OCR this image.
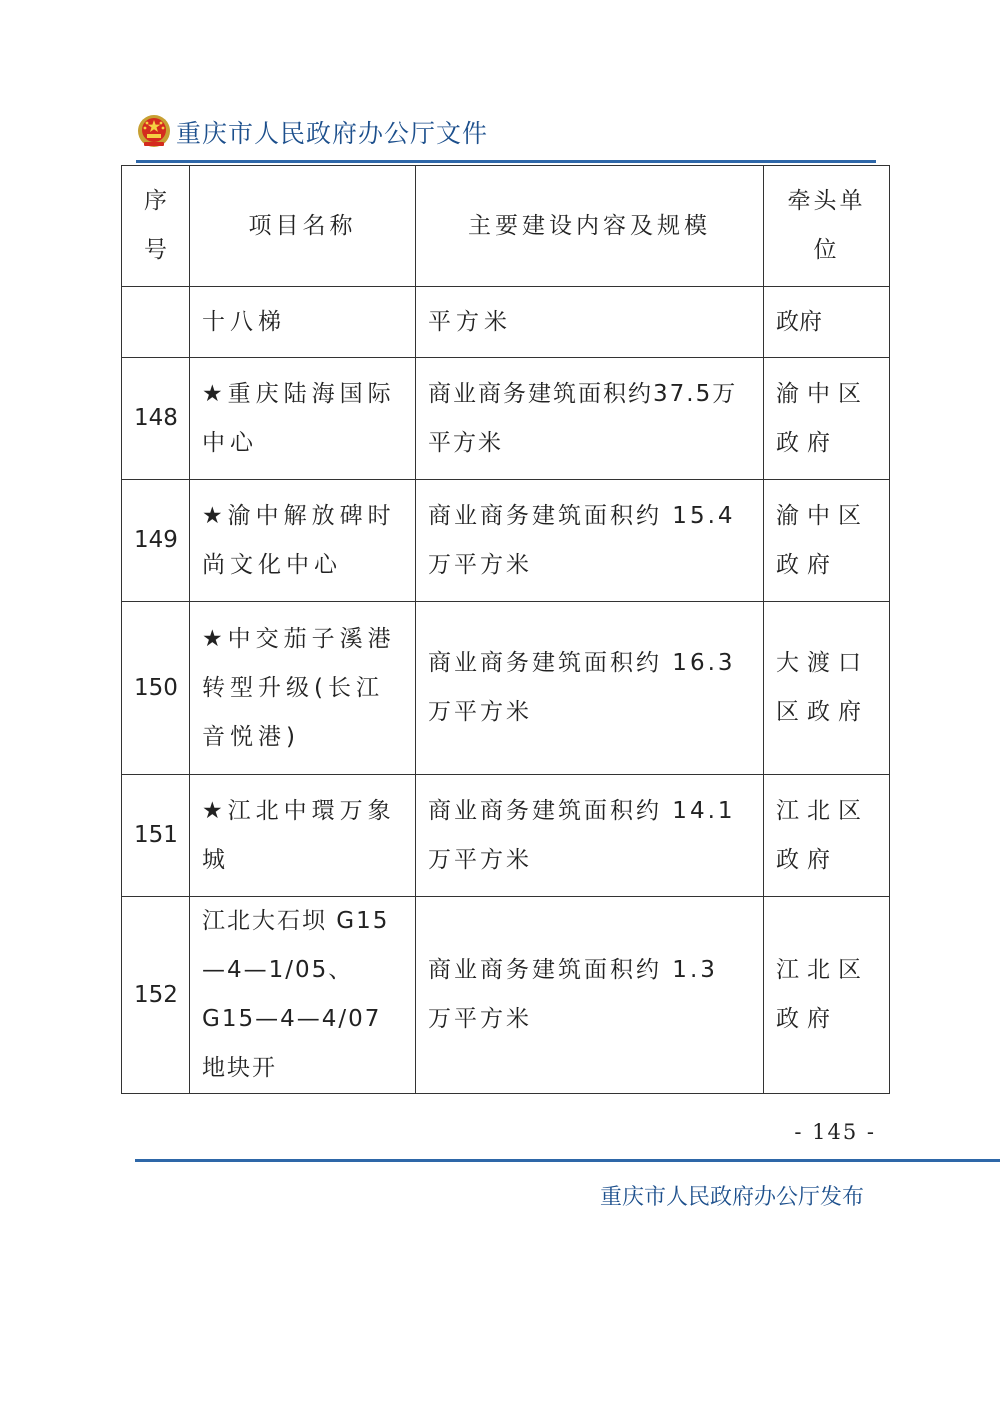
重庆市人民政府办公厅文件
序号	项目名称	主要建设内容及规模	牵头单位
	十八梯	平方米	政府
148	★重庆陆海国际中心	商业商务建筑面积约37.5万平方米	渝中区政府
149	★渝中解放碑时尚文化中心	商业商务建筑面积约 15.4 万平方米	渝中区政府
150	★中交茄子溪港转型升级(长江音悦港)	商业商务建筑面积约 16.3 万平方米	大渡口区政府
151	★江北中環万象城	商业商务建筑面积约 14.1 万平方米	江北区政府
152	江北大石坝 G15—4—1/05、G15—4—4/07 地块开	商业商务建筑面积约 1.3 万平方米	江北区政府
- 145 -
重庆市人民政府办公厅发布
